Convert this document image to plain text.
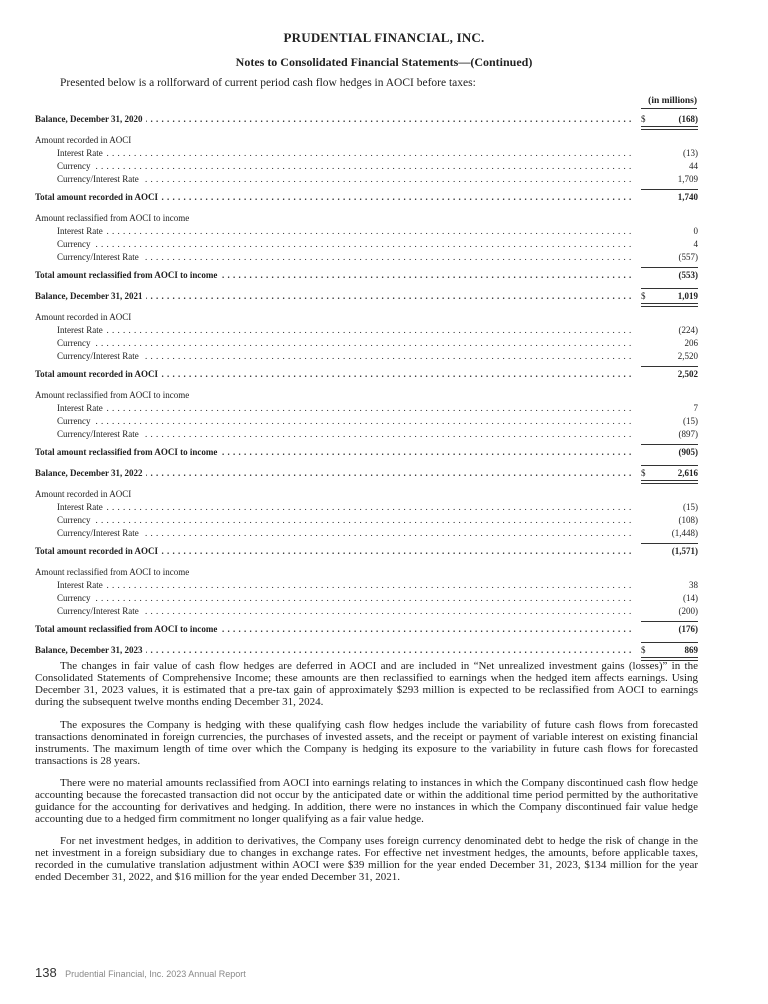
PRUDENTIAL FINANCIAL, INC.
Notes to Consolidated Financial Statements—(Continued)
Presented below is a rollforward of current period cash flow hedges in AOCI before taxes:
(in millions)
Balance, December 31, 2020 . . .	$	(168)
Amount recorded in AOCI
Interest Rate . . .	(13)
Currency . . .	44
Currency/Interest Rate . . .	1,709
Total amount recorded in AOCI . . .	1,740
Amount reclassified from AOCI to income
Interest Rate . . .	0
Currency . . .	4
Currency/Interest Rate . . .	(557)
Total amount reclassified from AOCI to income . . .	(553)
Balance, December 31, 2021 . . .	$	1,019
Amount recorded in AOCI
Interest Rate . . .	(224)
Currency . . .	206
Currency/Interest Rate . . .	2,520
Total amount recorded in AOCI . . .	2,502
Amount reclassified from AOCI to income
Interest Rate . . .	7
Currency . . .	(15)
Currency/Interest Rate . . .	(897)
Total amount reclassified from AOCI to income . . .	(905)
Balance, December 31, 2022 . . .	$	2,616
Amount recorded in AOCI
Interest Rate . . .	(15)
Currency . . .	(108)
Currency/Interest Rate . . .	(1,448)
Total amount recorded in AOCI . . .	(1,571)
Amount reclassified from AOCI to income
Interest Rate . . .	38
Currency . . .	(14)
Currency/Interest Rate . . .	(200)
Total amount reclassified from AOCI to income . . .	(176)
Balance, December 31, 2023 . . .	$	869

The changes in fair value of cash flow hedges are deferred in AOCI and are included in “Net unrealized investment gains (losses)” in the Consolidated Statements of Comprehensive Income; these amounts are then reclassified to earnings when the hedged item affects earnings. Using December 31, 2023 values, it is estimated that a pre-tax gain of approximately $293 million is expected to be reclassified from AOCI to earnings during the subsequent twelve months ending December 31, 2024.

The exposures the Company is hedging with these qualifying cash flow hedges include the variability of future cash flows from forecasted transactions denominated in foreign currencies, the purchases of invested assets, and the receipt or payment of variable interest on existing financial instruments. The maximum length of time over which the Company is hedging its exposure to the variability in future cash flows for forecasted transactions is 28 years.

There were no material amounts reclassified from AOCI into earnings relating to instances in which the Company discontinued cash flow hedge accounting because the forecasted transaction did not occur by the anticipated date or within the additional time period permitted by the authoritative guidance for the accounting for derivatives and hedging. In addition, there were no instances in which the Company discontinued fair value hedge accounting due to a hedged firm commitment no longer qualifying as a fair value hedge.

For net investment hedges, in addition to derivatives, the Company uses foreign currency denominated debt to hedge the risk of change in the net investment in a foreign subsidiary due to changes in exchange rates. For effective net investment hedges, the amounts, before applicable taxes, recorded in the cumulative translation adjustment within AOCI were $39 million for the year ended December 31, 2023, $134 million for the year ended December 31, 2022, and $16 million for the year ended December 31, 2021.

138 Prudential Financial, Inc. 2023 Annual Report
